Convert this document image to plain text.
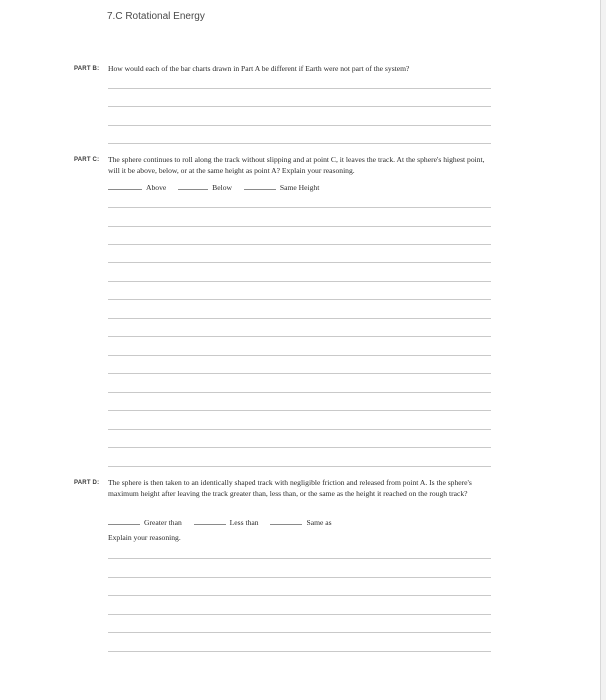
7.C Rotational Energy
PART B: How would each of the bar charts drawn in Part A be different if Earth were not part of the system?
PART C: The sphere continues to roll along the track without slipping and at point C, it leaves the track. At the sphere's highest point, will it be above, below, or at the same height as point A? Explain your reasoning.
Above	Below	Same Height
PART D: The sphere is then taken to an identically shaped track with negligible friction and released from point A. Is the sphere's maximum height after leaving the track greater than, less than, or the same as the height it reached on the rough track?
Greater than	Less than	Same as
Explain your reasoning.
